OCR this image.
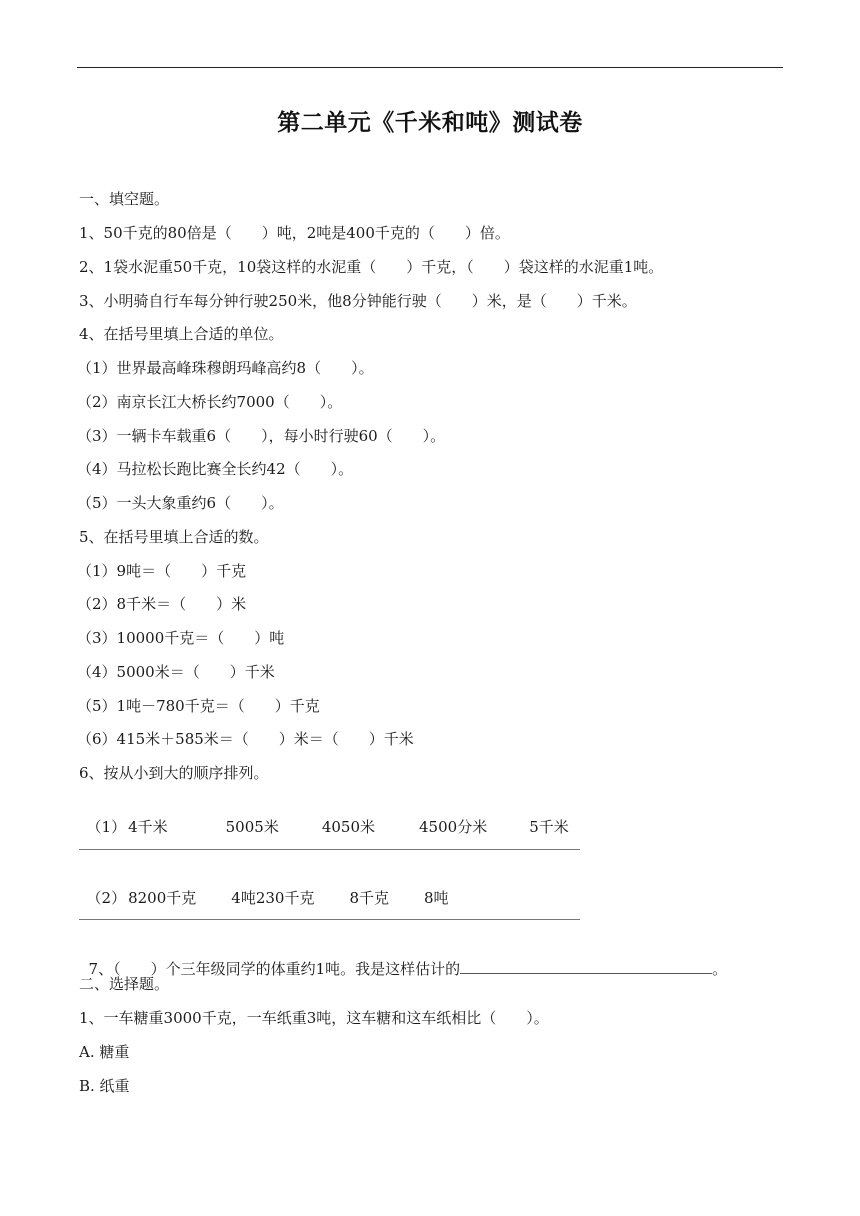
第二单元《千米和吨》测试卷
一、填空题。
1、50千克的80倍是（　　）吨，2吨是400千克的（　　）倍。
2、1袋水泥重50千克，10袋这样的水泥重（　　）千克，（　　）袋这样的水泥重1吨。
3、小明骑自行车每分钟行驶250米，他8分钟能行驶（　　）米，是（　　）千米。
4、在括号里填上合适的单位。
（1）世界最高峰珠穆朗玛峰高约8（　　）。
（2）南京长江大桥长约7000（　　）。
（3）一辆卡车载重6（　　），每小时行驶60（　　）。
（4）马拉松长跑比赛全长约42（　　）。
（5）一头大象重约6（　　）。
5、在括号里填上合适的数。
（1）9吨＝（　　）千克
（2）8千米＝（　　）米
（3）10000千克＝（　　）吨
（4）5000米＝（　　）千米
（5）1吨－780千克＝（　　）千克
（6）415米＋585米＝（　　）米＝（　　）千米
6、按从小到大的顺序排列。

（1） 4千米	5005米	4050米	4500分米	5千米

（2） 8200千克 4吨230千克 8千克 8吨

7、（　　）个三年级同学的体重约1吨。我是这样估计的	。

二、选择题。
1、一车糖重3000千克，一车纸重3吨，这车糖和这车纸相比（　　）。
A. 糖重
B. 纸重
